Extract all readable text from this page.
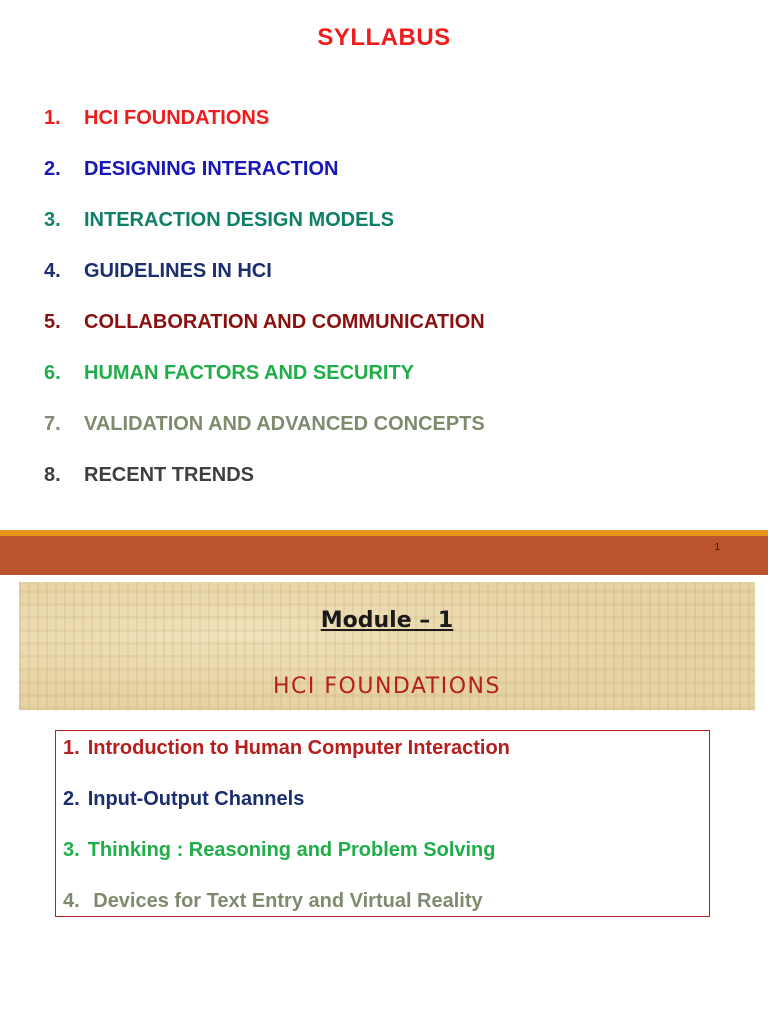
SYLLABUS
1.	HCI FOUNDATIONS
2.	DESIGNING INTERACTION
3.	INTERACTION DESIGN MODELS
4.	GUIDELINES IN HCI
5.	COLLABORATION AND COMMUNICATION
6.	HUMAN FACTORS AND SECURITY
7.	VALIDATION AND ADVANCED CONCEPTS
8.	RECENT TRENDS
1
Module – 1
HCI FOUNDATIONS
1. Introduction to Human Computer Interaction
2. Input-Output Channels
3. Thinking : Reasoning and Problem Solving
4. Devices for Text Entry and Virtual Reality
